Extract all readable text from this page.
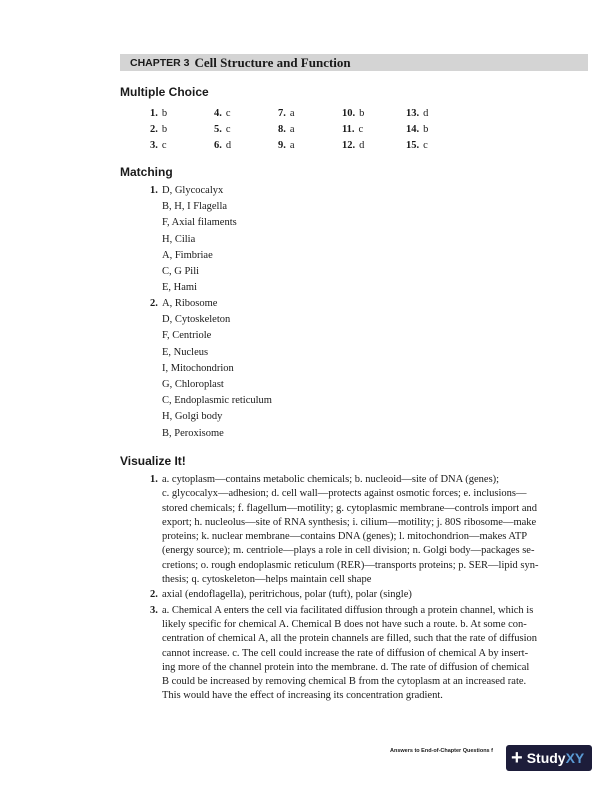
CHAPTER 3 Cell Structure and Function
Multiple Choice
1. b	4. c	7. a	10. b	13. d
2. b	5. c	8. a	11. c	14. b
3. c	6. d	9. a	12. d	15. c
Matching
1. D, Glycocalyx
B, H, I Flagella
F, Axial filaments
H, Cilia
A, Fimbriae
C, G Pili
E, Hami
2. A, Ribosome
D, Cytoskeleton
F, Centriole
E, Nucleus
I, Mitochondrion
G, Chloroplast
C, Endoplasmic reticulum
H, Golgi body
B, Peroxisome
Visualize It!
1. a. cytoplasm—contains metabolic chemicals; b. nucleoid—site of DNA (genes);
c. glycocalyx—adhesion; d. cell wall—protects against osmotic forces; e. inclusions—
stored chemicals; f. flagellum—motility; g. cytoplasmic membrane—controls import and
export; h. nucleolus—site of RNA synthesis; i. cilium—motility; j. 80S ribosome—make
proteins; k. nuclear membrane—contains DNA (genes); l. mitochondrion—makes ATP
(energy source); m. centriole—plays a role in cell division; n. Golgi body—packages se-
cretions; o. rough endoplasmic reticulum (RER)—transports proteins; p. SER—lipid syn-
thesis; q. cytoskeleton—helps maintain cell shape
2. axial (endoflagella), peritrichous, polar (tuft), polar (single)
3. a. Chemical A enters the cell via facilitated diffusion through a protein channel, which is
likely specific for chemical A. Chemical B does not have such a route. b. At some con-
centration of chemical A, all the protein channels are filled, such that the rate of diffusion
cannot increase. c. The cell could increase the rate of diffusion of chemical A by insert-
ing more of the channel protein into the membrane. d. The rate of diffusion of chemical
B could be increased by removing chemical B from the cytoplasm at an increased rate.
This would have the effect of increasing its concentration gradient.
Answers to End-of-Chapter Questions f + Study XY
